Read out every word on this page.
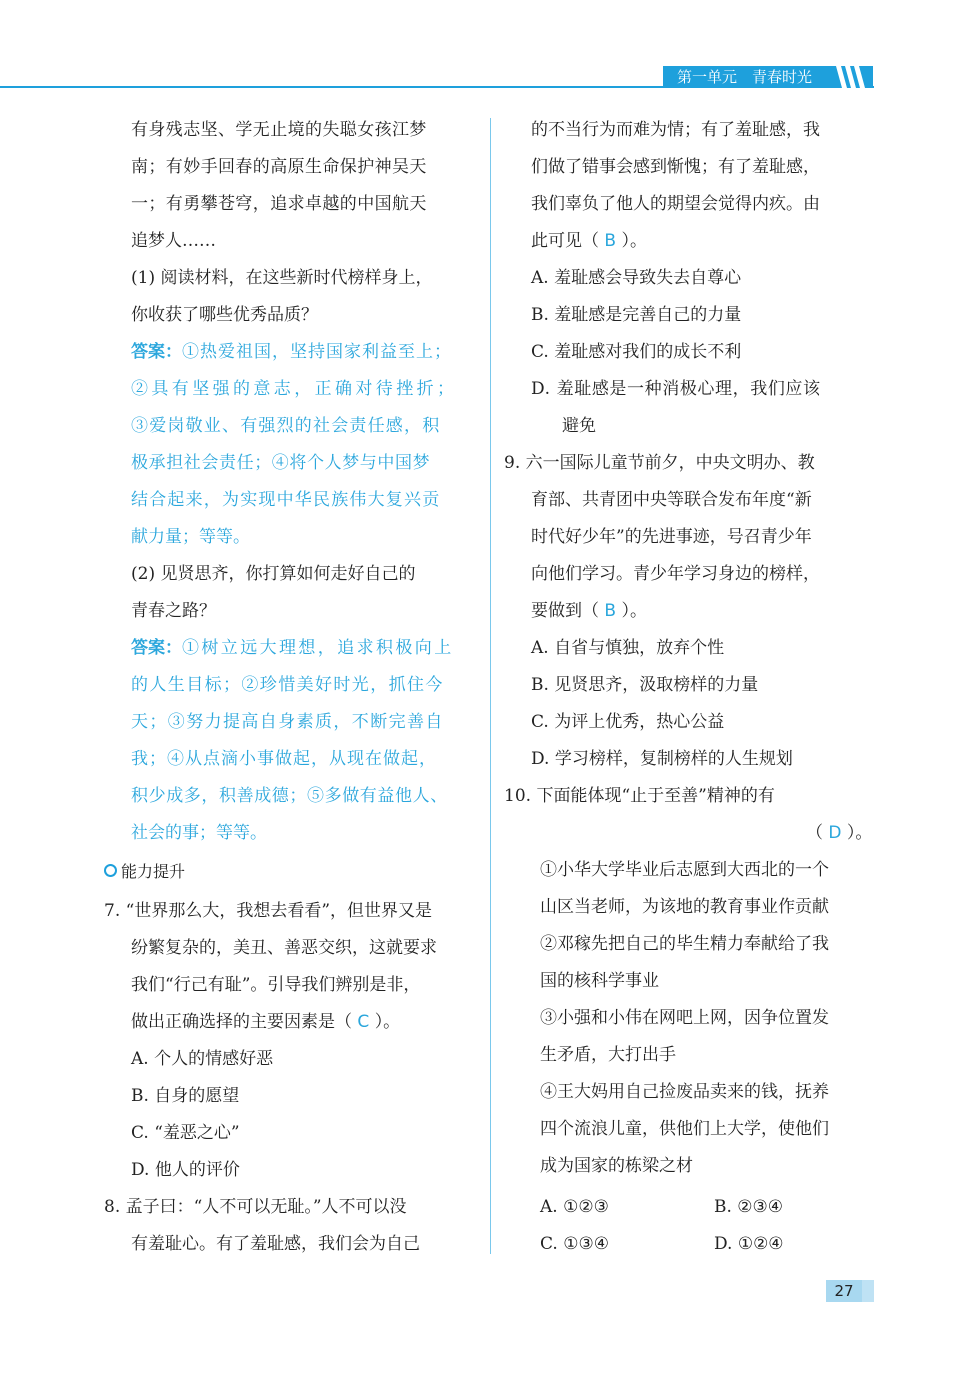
第一单元　青春时光
有身残志坚、学无止境的失聪女孩江梦
南；有妙手回春的高原生命保护神吴天
一；有勇攀苍穹，追求卓越的中国航天
追梦人……
(1) 阅读材料，在这些新时代榜样身上，
你收获了哪些优秀品质？
答案：①热爱祖国，坚持国家利益至上；
②具有坚强的意志，正确对待挫折；
③爱岗敬业、有强烈的社会责任感，积
极承担社会责任；④将个人梦与中国梦
结合起来，为实现中华民族伟大复兴贡
献力量；等等。
(2) 见贤思齐，你打算如何走好自己的
青春之路？
答案：①树立远大理想，追求积极向上
的人生目标；②珍惜美好时光，抓住今
天；③努力提高自身素质，不断完善自
我；④从点滴小事做起，从现在做起，
积少成多，积善成德；⑤多做有益他人、
社会的事；等等。
能力提升
7. “世界那么大，我想去看看”，但世界又是
纷繁复杂的，美丑、善恶交织，这就要求
我们“行己有耻”。引导我们辨别是非，
做出正确选择的主要因素是（ C ）。
A. 个人的情感好恶
B. 自身的愿望
C. “羞恶之心”
D. 他人的评价
8. 孟子曰：“人不可以无耻。”人不可以没
有羞耻心。有了羞耻感，我们会为自己
的不当行为而难为情；有了羞耻感，我
们做了错事会感到惭愧；有了羞耻感，
我们辜负了他人的期望会觉得内疚。由
此可见（ B ）。
A. 羞耻感会导致失去自尊心
B. 羞耻感是完善自己的力量
C. 羞耻感对我们的成长不利
D. 羞耻感是一种消极心理，我们应该
避免
9. 六一国际儿童节前夕，中央文明办、教
育部、共青团中央等联合发布年度“新
时代好少年”的先进事迹，号召青少年
向他们学习。青少年学习身边的榜样，
要做到（ B ）。
A. 自省与慎独，放弃个性
B. 见贤思齐，汲取榜样的力量
C. 为评上优秀，热心公益
D. 学习榜样，复制榜样的人生规划
10. 下面能体现“止于至善”精神的有
（ D ）。
①小华大学毕业后志愿到大西北的一个
山区当老师，为该地的教育事业作贡献
②邓稼先把自己的毕生精力奉献给了我
国的核科学事业
③小强和小伟在网吧上网，因争位置发
生矛盾，大打出手
④王大妈用自己捡废品卖来的钱，抚养
四个流浪儿童，供他们上大学，使他们
成为国家的栋梁之材
A. ①②③	B. ②③④
C. ①③④	D. ①②④
27
